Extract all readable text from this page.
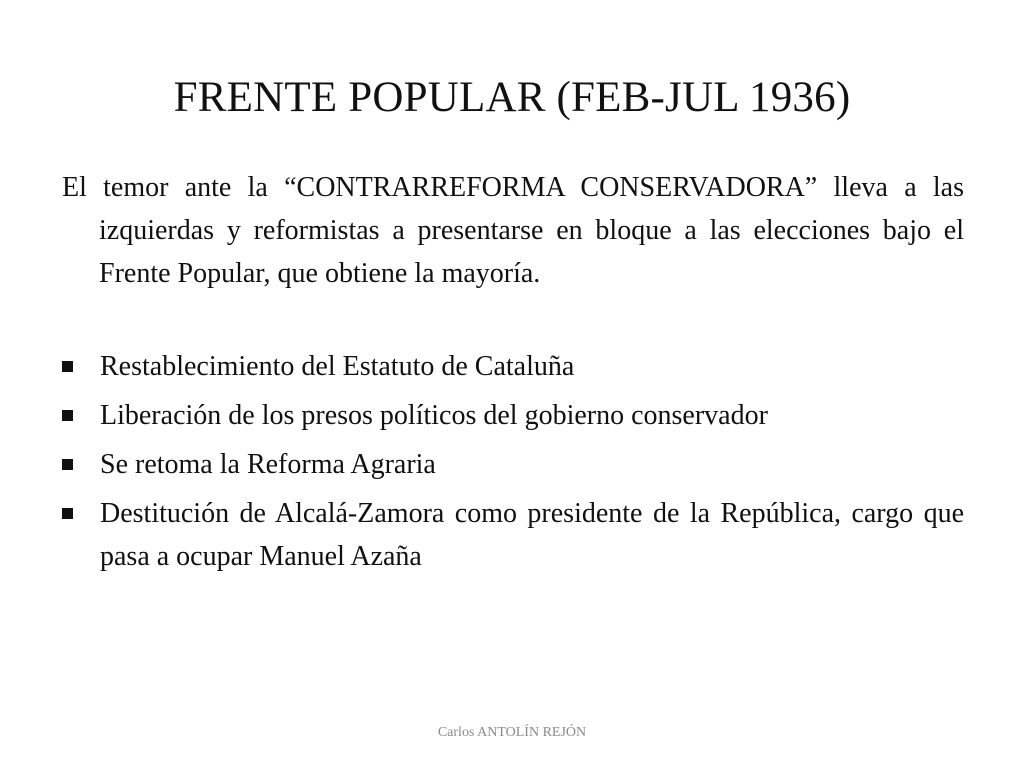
FRENTE POPULAR (FEB-JUL 1936)

El temor ante la “CONTRARREFORMA CONSERVADORA” lleva a las izquierdas y reformistas a presentarse en bloque a las elecciones bajo el Frente Popular, que obtiene la mayoría.

Restablecimiento del Estatuto de Cataluña
Liberación de los presos políticos del gobierno conservador
Se retoma la Reforma Agraria
Destitución de Alcalá-Zamora como presidente de la República, cargo que pasa a ocupar Manuel Azaña
Carlos ANTOLÍN REJÓN
